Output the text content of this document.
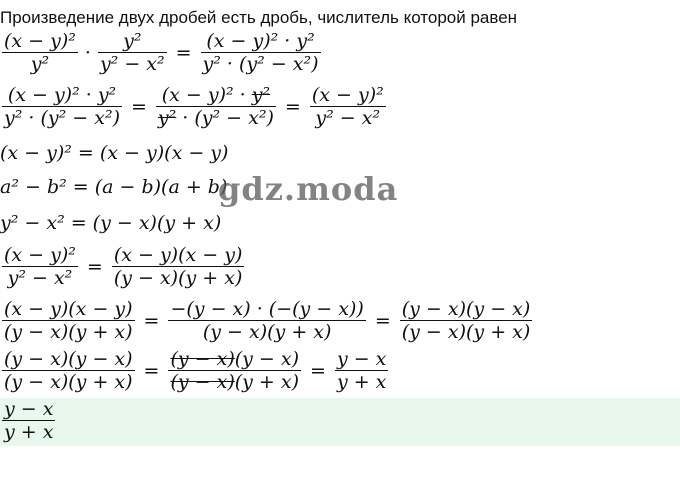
Произведение двух дробей есть дробь, числитель которой равен
$\frac{\text{(x − y)²}}{\text{y²}} \cdot \frac{\text{y²}}{\text{y² − x²}} = \frac{\text{(x − y)² · y²}}{\text{y² · (y² − x²)}}$
$\frac{\text{(x − y)² · y²}}{\text{y² · (y² − x²)}} = \frac{\text{(x − y)² · y²}}{\text{y² · (y² − x²)}} = \frac{\text{(x − y)²}}{\text{y² − x²}}$
(x − y)² = (x − y)(x − y)
a² − b² = (a − b)(a + b)
gdz.moda
y² − x² = (y − x)(y + x)
$\frac{\text{(x − y)²}}{\text{y² − x²}} = \frac{(x - y)(x - y)}{(y - x)(y + x)}$
$\frac{(x - y)(x - y)}{(y - x)(y + x)} = \frac{-(y - x) \cdot (-(y - x))}{(y - x)(y + x)} = \frac{(y - x)(y - x)}{(y - x)(y + x)}$
$\frac{(y - x)(y - x)}{(y - x)(y + x)} = \frac{(y - x)(y - x)}{(y - x)(y + x)} = \frac{y - x}{y + x}$
$\frac{y - x}{y + x}$
